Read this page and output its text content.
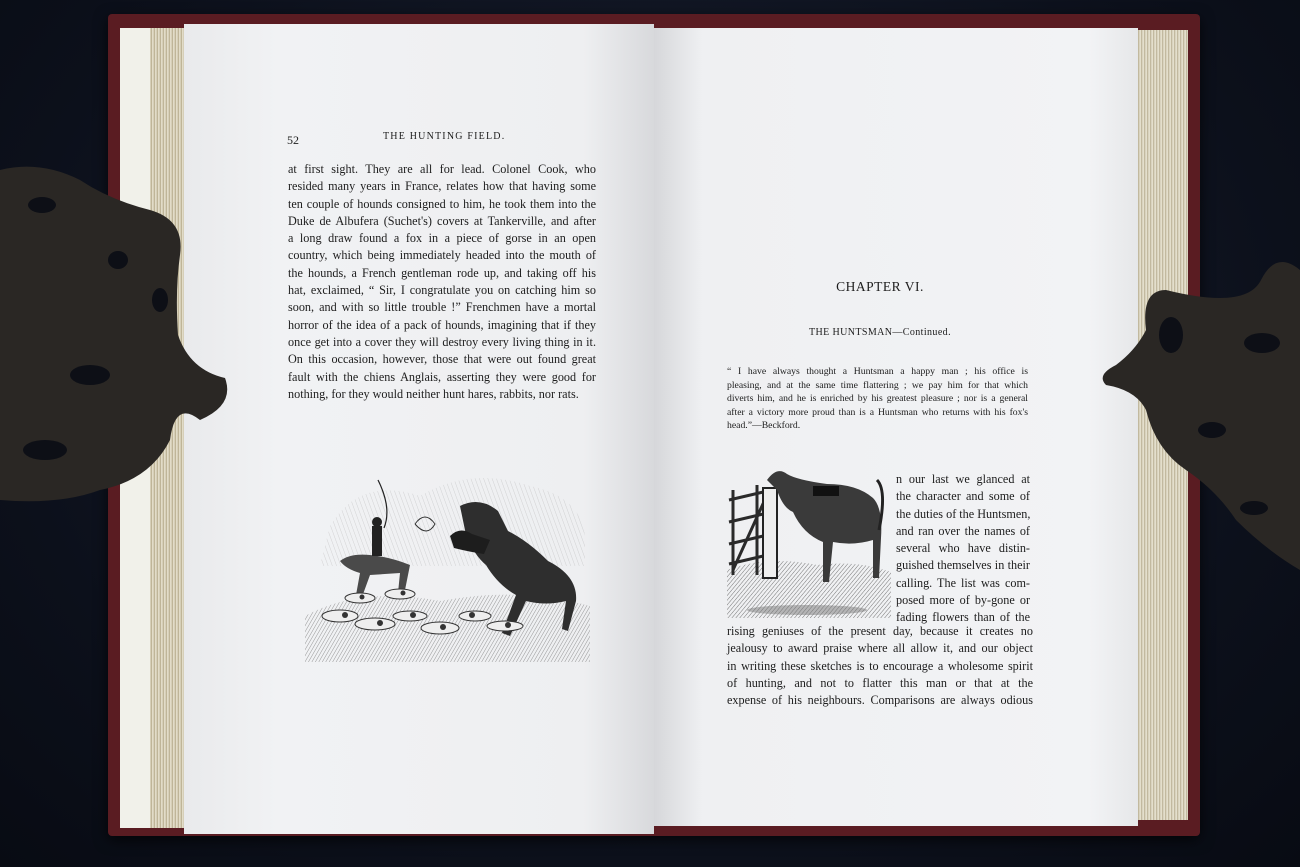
52	THE HUNTING FIELD.
at first sight. They are all for lead. Colonel Cook, who
resided many years in France, relates how that having some
ten couple of hounds consigned to him, he took them into the
Duke de Albufera (Suchet's) covers at Tankerville, and after
a long draw found a fox in a piece of gorse in an open
country, which being immediately headed into the mouth of
the hounds, a French gentleman rode up, and taking off his
hat, exclaimed, “ Sir, I congratulate you on catching him so
soon, and with so little trouble !” Frenchmen have a mortal
horror of the idea of a pack of hounds, imagining that if they
once get into a cover they will destroy every living thing in it.
On this occasion, however, those that were out found great
fault with the chiens Anglais, asserting they were good for
nothing, for they would neither hunt hares, rabbits, nor rats.
CHAPTER VI.
THE HUNTSMAN—Continued.
“ I have always thought a Huntsman a happy man ; his office is
pleasing, and at the same time flattering ; we pay him for that which
diverts him, and he is enriched by his greatest pleasure ; nor is a general
after a victory more proud than is a Huntsman who returns with his fox's
head.”—Beckford.
n our last we glanced at
the character and some of
the duties of the Huntsmen,
and ran over the names of
several who have distin-
guished themselves in their
calling. The list was com-
posed more of by-gone or
fading flowers than of the
rising geniuses of the present day, because it creates no
jealousy to award praise where all allow it, and our object
in writing these sketches is to encourage a wholesome spirit
of hunting, and not to flatter this man or that at the
expense of his neighbours. Comparisons are always odious
